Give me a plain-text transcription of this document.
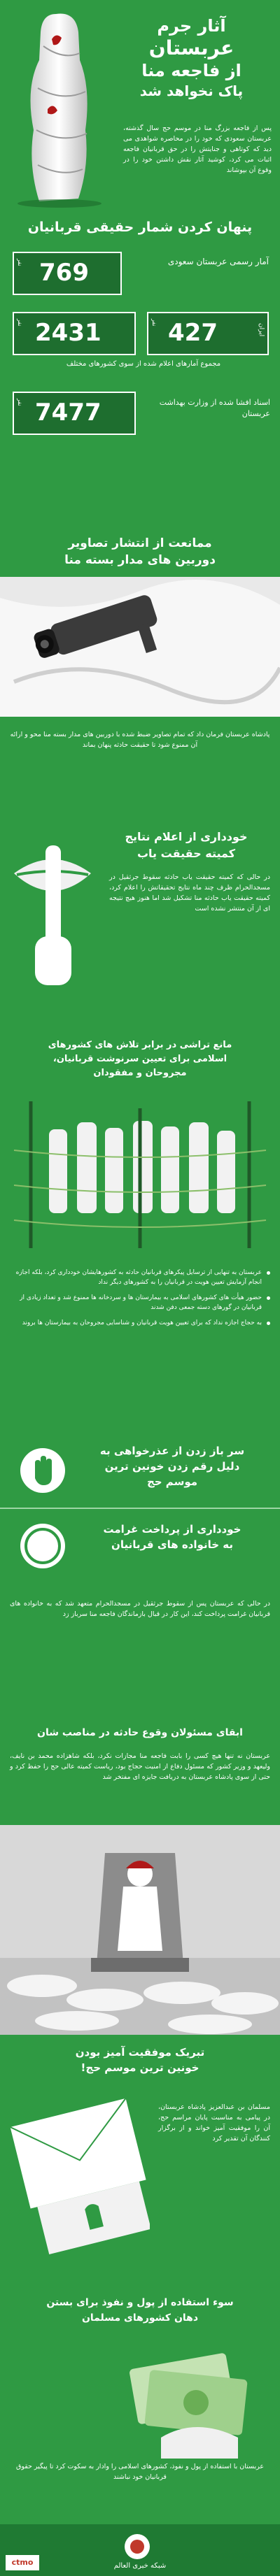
آثار جرم
عربستان
از فاجعه منا
پاک نخواهد شد
پس از فاجعه بزرگ منا در موسم حج سال گذشته، عربستان سعودی که خود را در محاصره شواهدی می دید که کوتاهی و جنایتش را در حق قربانیان فاجعه اثبات می کرد، کوشید آثار نقش داشتن خود را در وقوع آن بپوشاند
پنهان کردن شمار حقیقی قربانیان
نفر 769	آمار رسمی عربستان سعودی
نفر 2431	نفر 427	ایران
مجموع آمارهای اعلام شده از سوی کشورهای مختلف
نفر 7477	اسناد افشا شده از وزارت بهداشت عربستان
ممانعت از انتشار تصاویر
دوربین های مدار بسته منا
پادشاه عربستان فرمان داد که تمام تصاویر ضبط شده با دوربین های مدار بسته منا محو و ارائه آن ممنوع شود تا حقیقت حادثه پنهان بماند
خودداری از اعلام نتایج
کمیته حقیقت یاب
در حالی که کمیته حقیقت یاب حادثه سقوط جرثقیل در مسجدالحرام ظرف چند ماه نتایج تحقیقاتش را اعلام کرد، کمیته حقیقت یاب حادثه منا تشکیل شد اما هنوز هیچ نتیجه ای از آن منتشر نشده است
مانع تراشی در برابر تلاش های کشورهای
اسلامی برای تعیین سرنوشت قربانیان،
مجروحان و مفقودان
عربستان به تنهایی از ترسایل پیکرهای قربانیان حادثه به کشورهایشان خودداری کرد، بلکه اجازه انجام آزمایش تعیین هویت در قربانیان را به کشورهای دیگر نداد
حضور هیأت های کشورهای اسلامی به بیمارستان ها و سردخانه ها ممنوع شد و تعداد زیادی از قربانیان در گورهای دسته جمعی دفن شدند
به حجاج اجازه نداد که برای تعیین هویت قربانیان و شناسایی مجروحان به بیمارستان ها بروند
سر باز زدن از عذرخواهی به
دلیل رقم زدن خونین ترین
موسم حج
خودداری از پرداخت غرامت
به خانواده های قربانیان
در حالی که عربستان پس از سقوط جرثقیل در مسجدالحرام متعهد شد که به خانواده های قربانیان غرامت پرداخت کند، این کار در قبال بازماندگان فاجعه منا سرباز زد
ابقای مسئولان وقوع حادثه در مناصب شان
عربستان نه تنها هیچ کسی را بابت فاجعه منا مجازات نکرد، بلکه شاهزاده محمد بن نایف، ولیعهد و وزیر کشور که مسئول دفاع از امنیت حجاج بود، ریاست کمیته عالی حج را حفظ کرد و حتی از سوی پادشاه عربستان به دریافت جایزه ای مفتخر شد
تبریک موفقیت آمیز بودن
خونین ترین موسم حج!
مسلمان بن عبدالعزیز پادشاه عربستان، در پیامی به مناسبت پایان مراسم حج، آن را موفقیت آمیز خواند و از برگزار کنندگان آن تقدیر کرد
سوء استفاده از پول و نفوذ برای بستن
دهان کشورهای مسلمان
عربستان با استفاده از پول و نفوذ، کشورهای اسلامی را وادار به سکوت کرد تا پیگیر حقوق قربانیان خود نباشند
ctmo	شبکه خبری العالم
